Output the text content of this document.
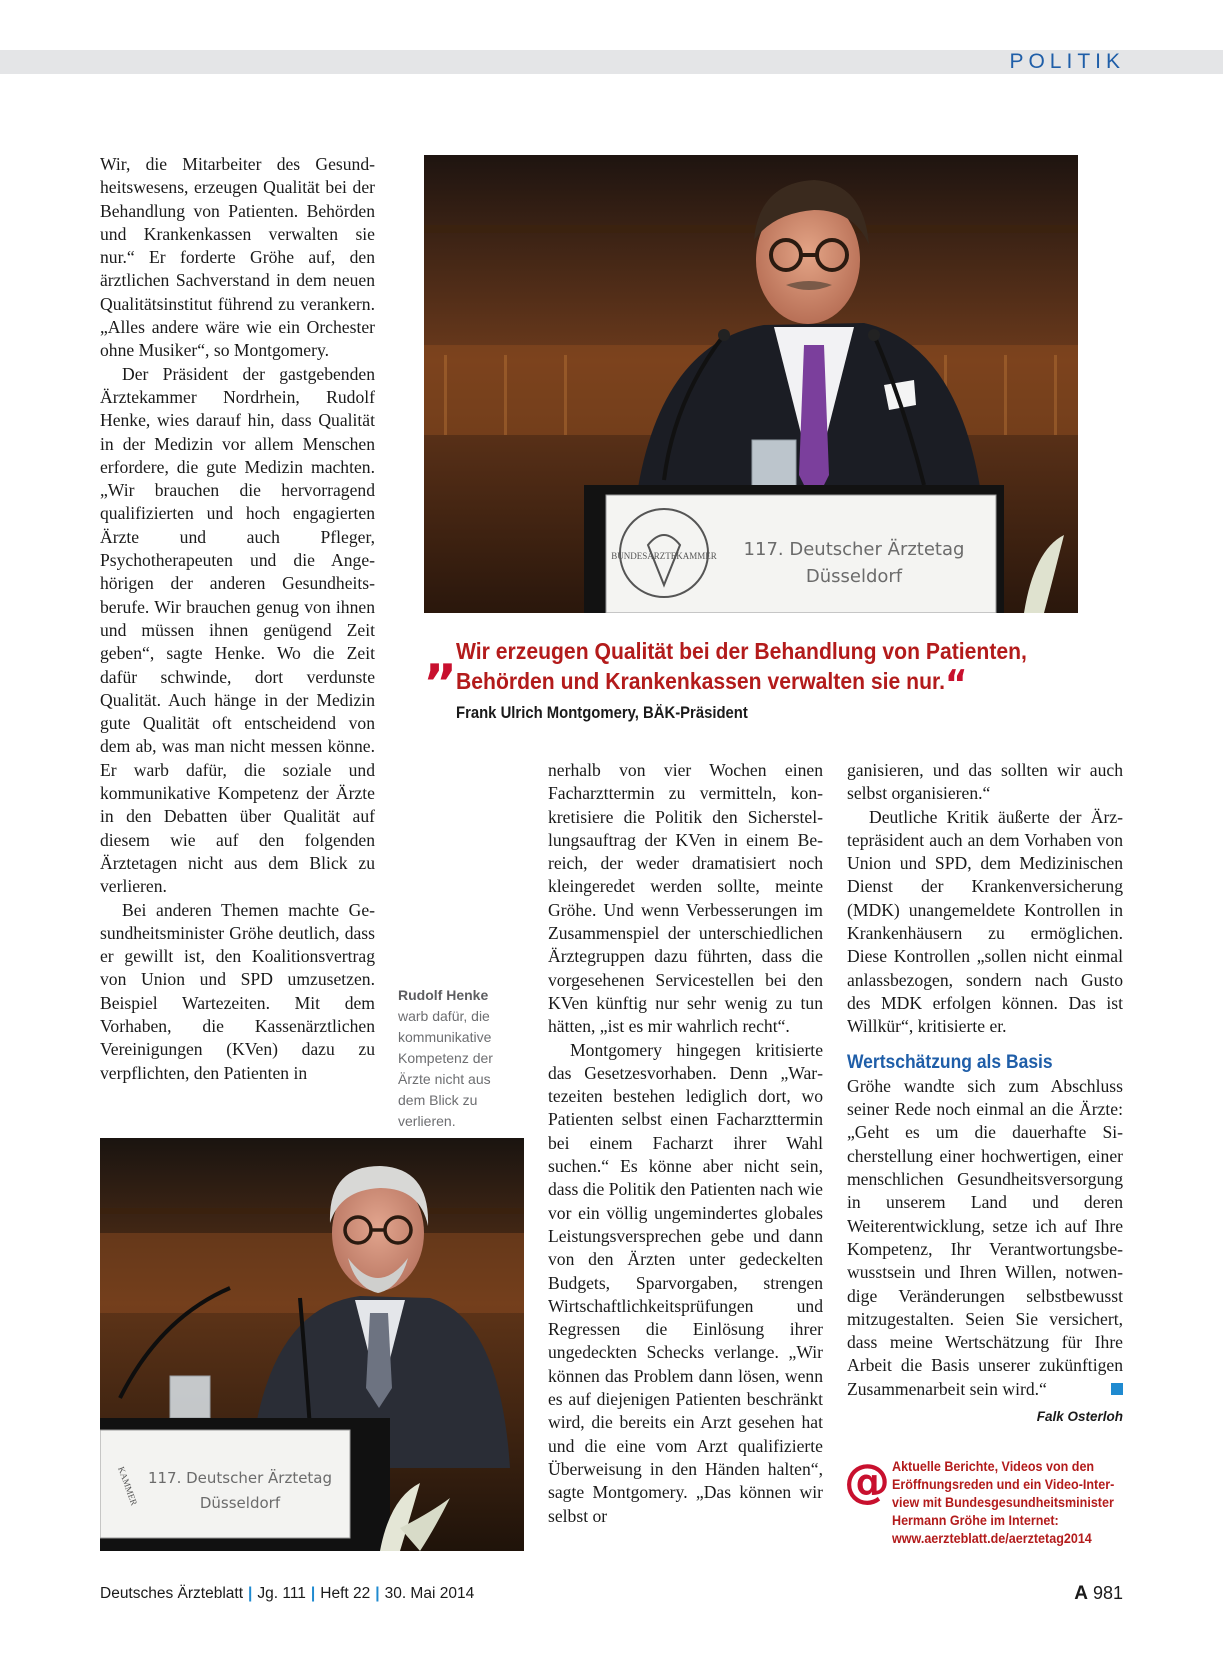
POLITIK

Wir, die Mitarbeiter des Gesundheitswesens, erzeugen Qualität bei der Behandlung von Patienten. Behörden und Krankenkassen verwalten sie nur.“ Er forderte Gröhe auf, den ärztlichen Sachverstand in dem neuen Qualitätsinstitut führend zu verankern. „Alles andere wäre wie ein Orchester ohne Musiker“, so Montgomery.

Der Präsident der gastgebenden Ärztekammer Nordrhein, Rudolf Henke, wies darauf hin, dass Qualität in der Medizin vor allem Menschen erfordere, die gute Medizin machten. „Wir brauchen die hervorragend qualifizierten und hoch engagierten Ärzte und auch Pfleger, Psychotherapeuten und die Angehörigen der anderen Gesundheitsberufe. Wir brauchen genug von ihnen und müssen ihnen genügend Zeit geben“, sagte Henke. Wo die Zeit dafür schwinde, dort verdunste Qualität. Auch hänge in der Medizin gute Qualität oft entscheidend von dem ab, was man nicht messen könne. Er warb dafür, die soziale und kommunikative Kompetenz der Ärzte in den Debatten über Qualität auf diesem wie auf den folgenden Ärztetagen nicht aus dem Blick zu verlieren.

Bei anderen Themen machte Gesundheitsminister Gröhe deutlich, dass er gewillt ist, den Koalitionsvertrag von Union und SPD umzusetzen. Beispiel Wartezeiten. Mit dem Vorhaben, die Kassenärztlichen Vereinigungen (KVen) dazu zu verpflichten, den Patienten in

BUNDESÄRZTEKAMMER 117. Deutscher Ärztetag
Düsseldorf
„
Wir erzeugen Qualität bei der Behandlung von Patienten, Behörden und Krankenkassen verwalten sie nur.“
Frank Ulrich Montgomery, BÄK-Präsident
Rudolf Henke
warb dafür, die kommunikative Kompetenz der Ärzte nicht aus dem Blick zu verlieren.

nerhalb von vier Wochen einen Facharzttermin zu vermitteln, konkretisiere die Politik den Sicherstellungsauftrag der KVen in einem Bereich, der weder dramatisiert noch kleingeredet werden sollte, meinte Gröhe. Und wenn Verbesserungen im Zusammenspiel der unterschiedlichen Ärztegruppen dazu führten, dass die vorgesehenen Servicestellen bei den KVen künftig nur sehr wenig zu tun hätten, „ist es mir wahrlich recht“.

Montgomery hingegen kritisierte das Gesetzesvorhaben. Denn „Wartezeiten bestehen lediglich dort, wo Patienten selbst einen Facharzttermin bei einem Facharzt ihrer Wahl suchen.“ Es könne aber nicht sein, dass die Politik den Patienten nach wie vor ein völlig ungemindertes globales Leistungsversprechen gebe und dann von den Ärzten unter gedeckelten Budgets, Sparvorgaben, strengen Wirtschaftlichkeitsprüfungen und Regressen die Einlösung ihrer ungedeckten Schecks verlange. „Wir können das Problem dann lösen, wenn es auf diejenigen Patienten beschränkt wird, die bereits ein Arzt gesehen hat und die eine vom Arzt qualifizierte Überweisung in den Händen halten“, sagte Montgomery. „Das können wir selbst or

ganisieren, und das sollten wir auch selbst organisieren.“

Deutliche Kritik äußerte der Ärztepräsident auch an dem Vorhaben von Union und SPD, dem Medizinischen Dienst der Krankenversicherung (MDK) unangemeldete Kontrollen in Krankenhäusern zu ermöglichen. Diese Kontrollen „sollen nicht einmal anlassbezogen, sondern nach Gusto des MDK erfolgen können. Das ist Willkür“, kritisierte er.

Wertschätzung als Basis

Gröhe wandte sich zum Abschluss seiner Rede noch einmal an die Ärzte: „Geht es um die dauerhafte Sicherstellung einer hochwertigen, einer menschlichen Gesundheitsversorgung in unserem Land und deren Weiterentwicklung, setze ich auf Ihre Kompetenz, Ihr Verantwortungsbewusstsein und Ihren Willen, notwendige Veränderungen selbstbewusst mitzugestalten. Seien Sie versichert, dass meine Wertschätzung für Ihre Arbeit die Basis unserer zukünftigen Zusammenarbeit sein wird.“

Falk Osterloh
KAMMER 117. Deutscher Ärztetag
Düsseldorf	@ Aktuelle Berichte, Videos von den Eröffnungsreden und ein Video-Interview mit Bundesgesundheitsminister Hermann Gröhe im Internet: www.aerzteblatt.de/aerztetag2014
Deutsches Ärzteblatt | Jg. 111 | Heft 22 | 30. Mai 2014	A 981
